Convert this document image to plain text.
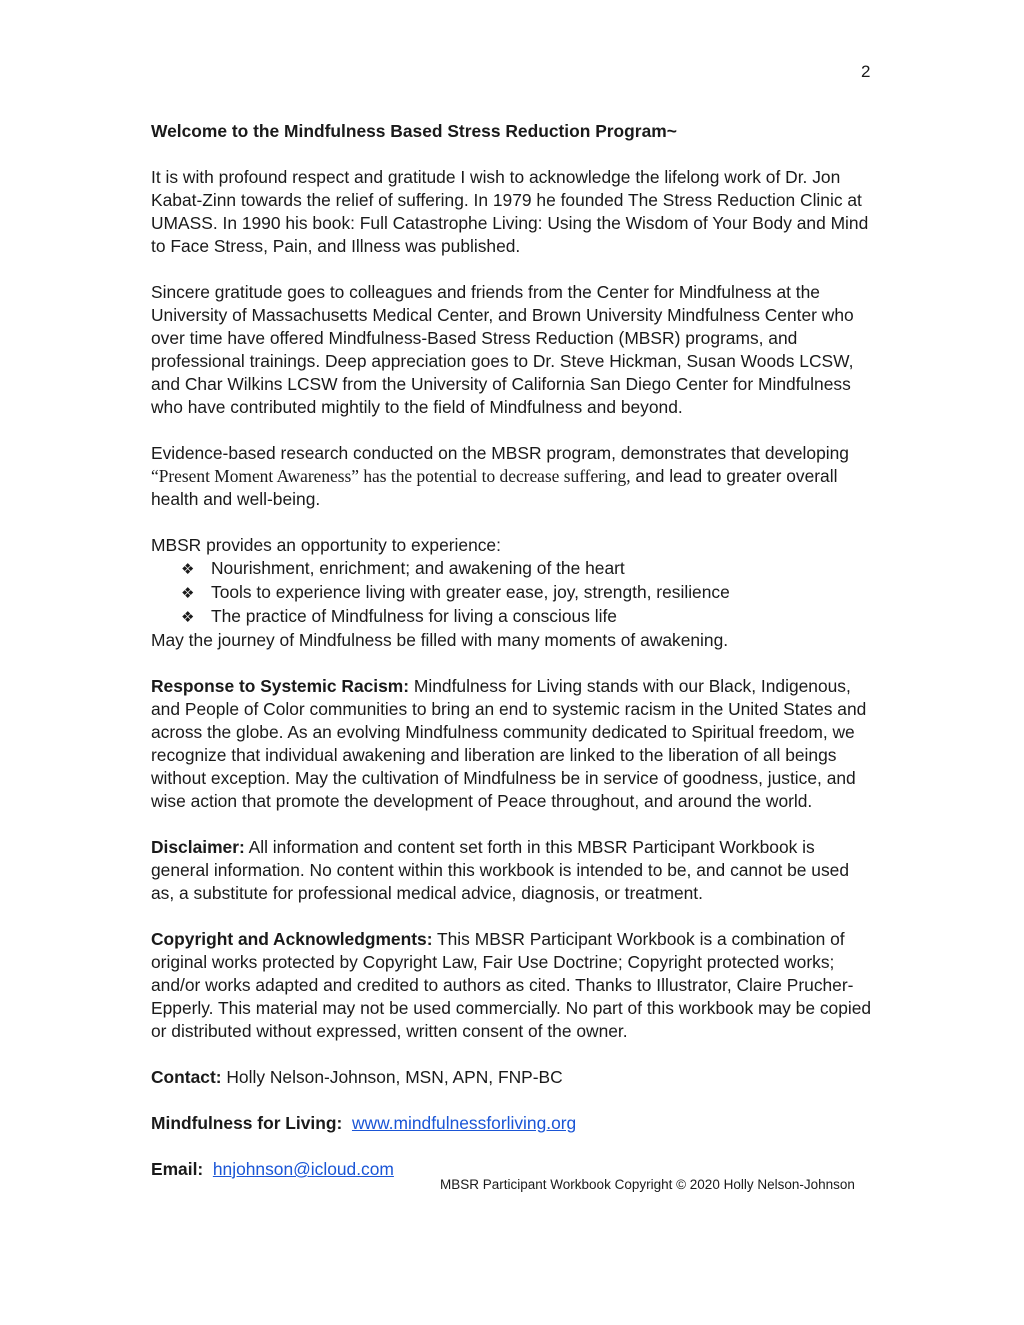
2

Welcome to the Mindfulness Based Stress Reduction Program~

It is with profound respect and gratitude I wish to acknowledge the lifelong work of Dr. Jon Kabat-Zinn towards the relief of suffering. In 1979 he founded The Stress Reduction Clinic at UMASS. In 1990 his book: Full Catastrophe Living: Using the Wisdom of Your Body and Mind to Face Stress, Pain, and Illness was published.

Sincere gratitude goes to colleagues and friends from the Center for Mindfulness at the University of Massachusetts Medical Center, and Brown University Mindfulness Center who over time have offered Mindfulness-Based Stress Reduction (MBSR) programs, and professional trainings. Deep appreciation goes to Dr. Steve Hickman, Susan Woods LCSW, and Char Wilkins LCSW from the University of California San Diego Center for Mindfulness who have contributed mightily to the field of Mindfulness and beyond.

Evidence-based research conducted on the MBSR program, demonstrates that developing “Present Moment Awareness” has the potential to decrease suffering, and lead to greater overall health and well-being.

MBSR provides an opportunity to experience:

❖ Nourishment, enrichment; and awakening of the heart
❖ Tools to experience living with greater ease, joy, strength, resilience
❖ The practice of Mindfulness for living a conscious life

May the journey of Mindfulness be filled with many moments of awakening.

Response to Systemic Racism: Mindfulness for Living stands with our Black, Indigenous, and People of Color communities to bring an end to systemic racism in the United States and across the globe. As an evolving Mindfulness community dedicated to Spiritual freedom, we recognize that individual awakening and liberation are linked to the liberation of all beings without exception. May the cultivation of Mindfulness be in service of goodness, justice, and wise action that promote the development of Peace throughout, and around the world.

Disclaimer: All information and content set forth in this MBSR Participant Workbook is general information. No content within this workbook is intended to be, and cannot be used as, a substitute for professional medical advice, diagnosis, or treatment.

Copyright and Acknowledgments: This MBSR Participant Workbook is a combination of original works protected by Copyright Law, Fair Use Doctrine; Copyright protected works; and/or works adapted and credited to authors as cited. Thanks to Illustrator, Claire Prucher-Epperly. This material may not be used commercially. No part of this workbook may be copied or distributed without expressed, written consent of the owner.

Contact: Holly Nelson-Johnson, MSN, APN, FNP-BC

Mindfulness for Living: www.mindfulnessforliving.org

Email: hnjohnson@icloud.com

MBSR Participant Workbook Copyright © 2020 Holly Nelson-Johnson
